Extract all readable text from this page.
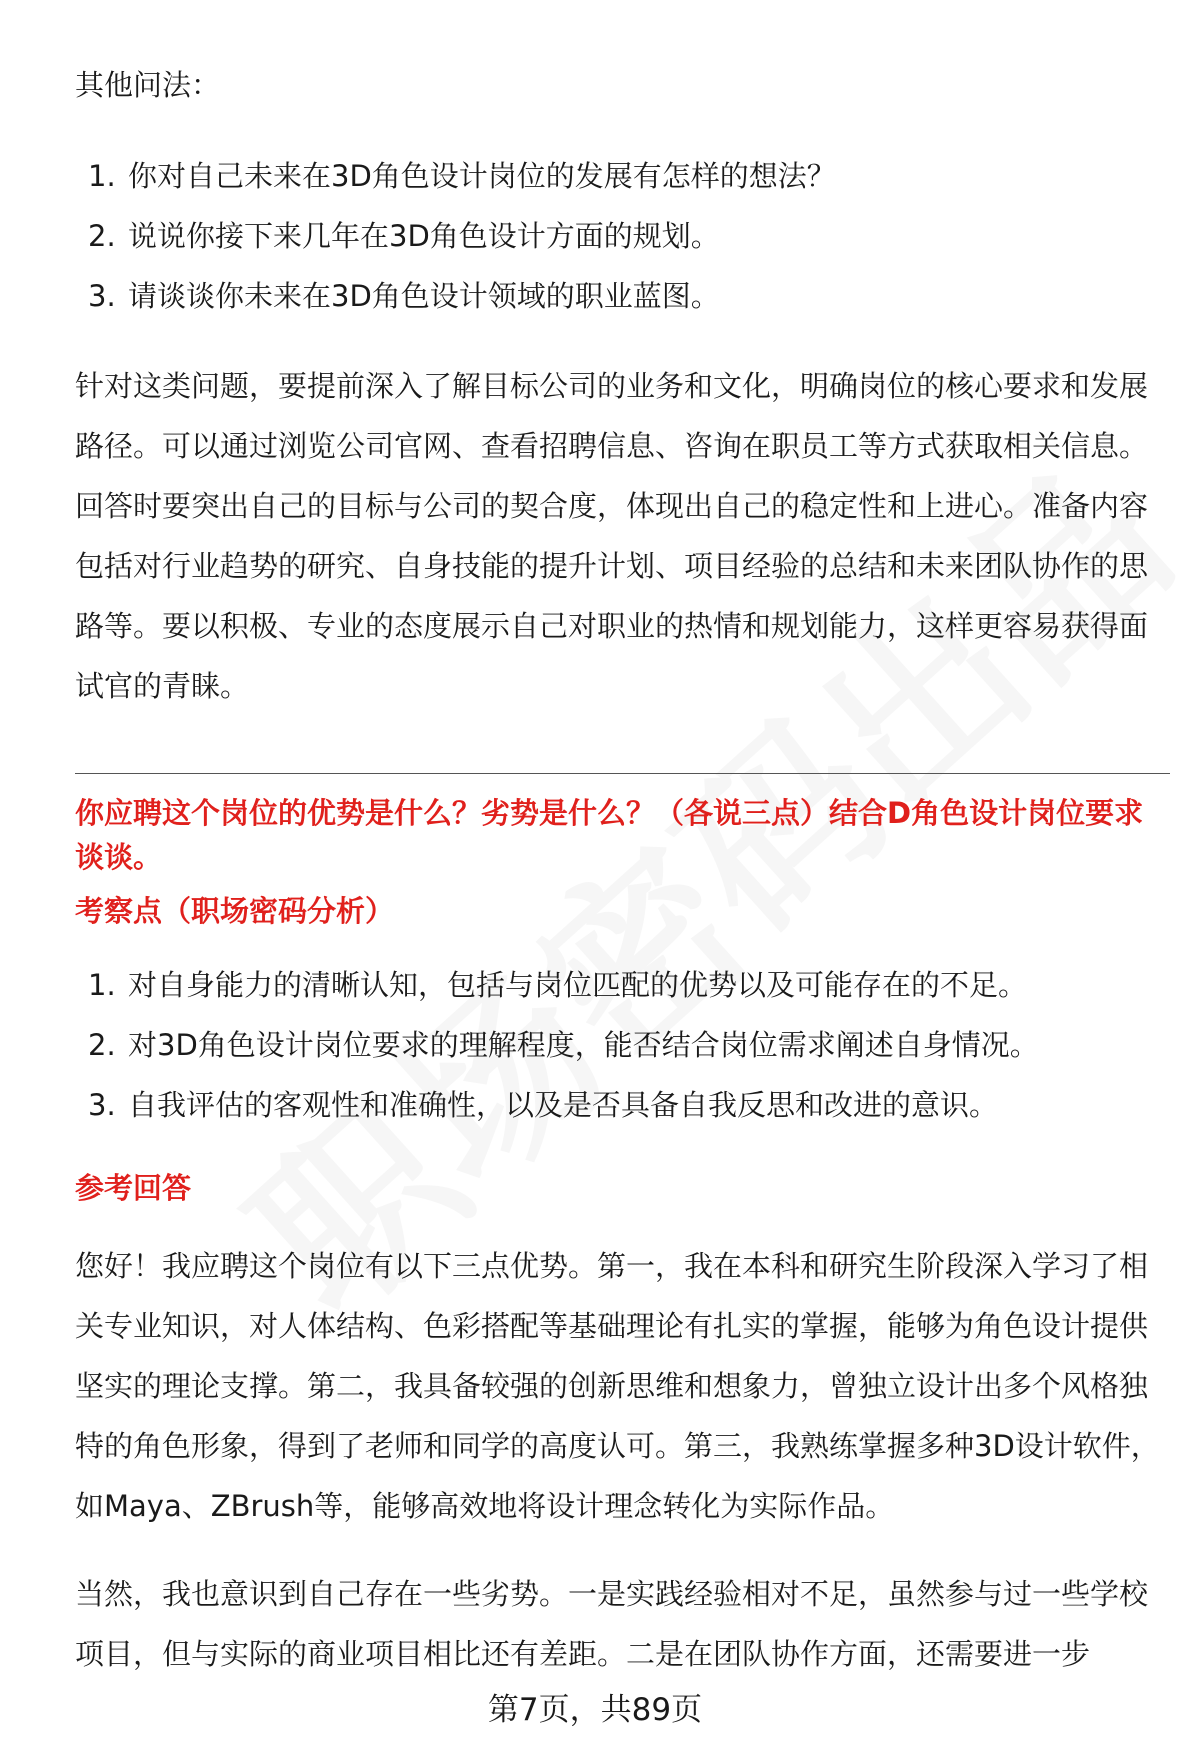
其他问法：

1. 你对自己未来在3D角色设计岗位的发展有怎样的想法？
2. 说说你接下来几年在3D角色设计方面的规划。
3. 请谈谈你未来在3D角色设计领域的职业蓝图。

针对这类问题，要提前深入了解目标公司的业务和文化，明确岗位的核心要求和发展路径。可以通过浏览公司官网、查看招聘信息、咨询在职员工等方式获取相关信息。回答时要突出自己的目标与公司的契合度，体现出自己的稳定性和上进心。准备内容包括对行业趋势的研究、自身技能的提升计划、项目经验的总结和未来团队协作的思路等。要以积极、专业的态度展示自己对职业的热情和规划能力，这样更容易获得面试官的青睐。

你应聘这个岗位的优势是什么？劣势是什么？（各说三点）结合D角色设计岗位要求谈谈。

考察点（职场密码分析）

1. 对自身能力的清晰认知，包括与岗位匹配的优势以及可能存在的不足。
2. 对3D角色设计岗位要求的理解程度，能否结合岗位需求阐述自身情况。
3. 自我评估的客观性和准确性，以及是否具备自我反思和改进的意识。

参考回答

您好！我应聘这个岗位有以下三点优势。第一，我在本科和研究生阶段深入学习了相关专业知识，对人体结构、色彩搭配等基础理论有扎实的掌握，能够为角色设计提供坚实的理论支撑。第二，我具备较强的创新思维和想象力，曾独立设计出多个风格独特的角色形象，得到了老师和同学的高度认可。第三，我熟练掌握多种3D设计软件，如Maya、ZBrush等，能够高效地将设计理念转化为实际作品。

当然，我也意识到自己存在一些劣势。一是实践经验相对不足，虽然参与过一些学校项目，但与实际的商业项目相比还有差距。二是在团队协作方面，还需要进一步

第7页，共89页
